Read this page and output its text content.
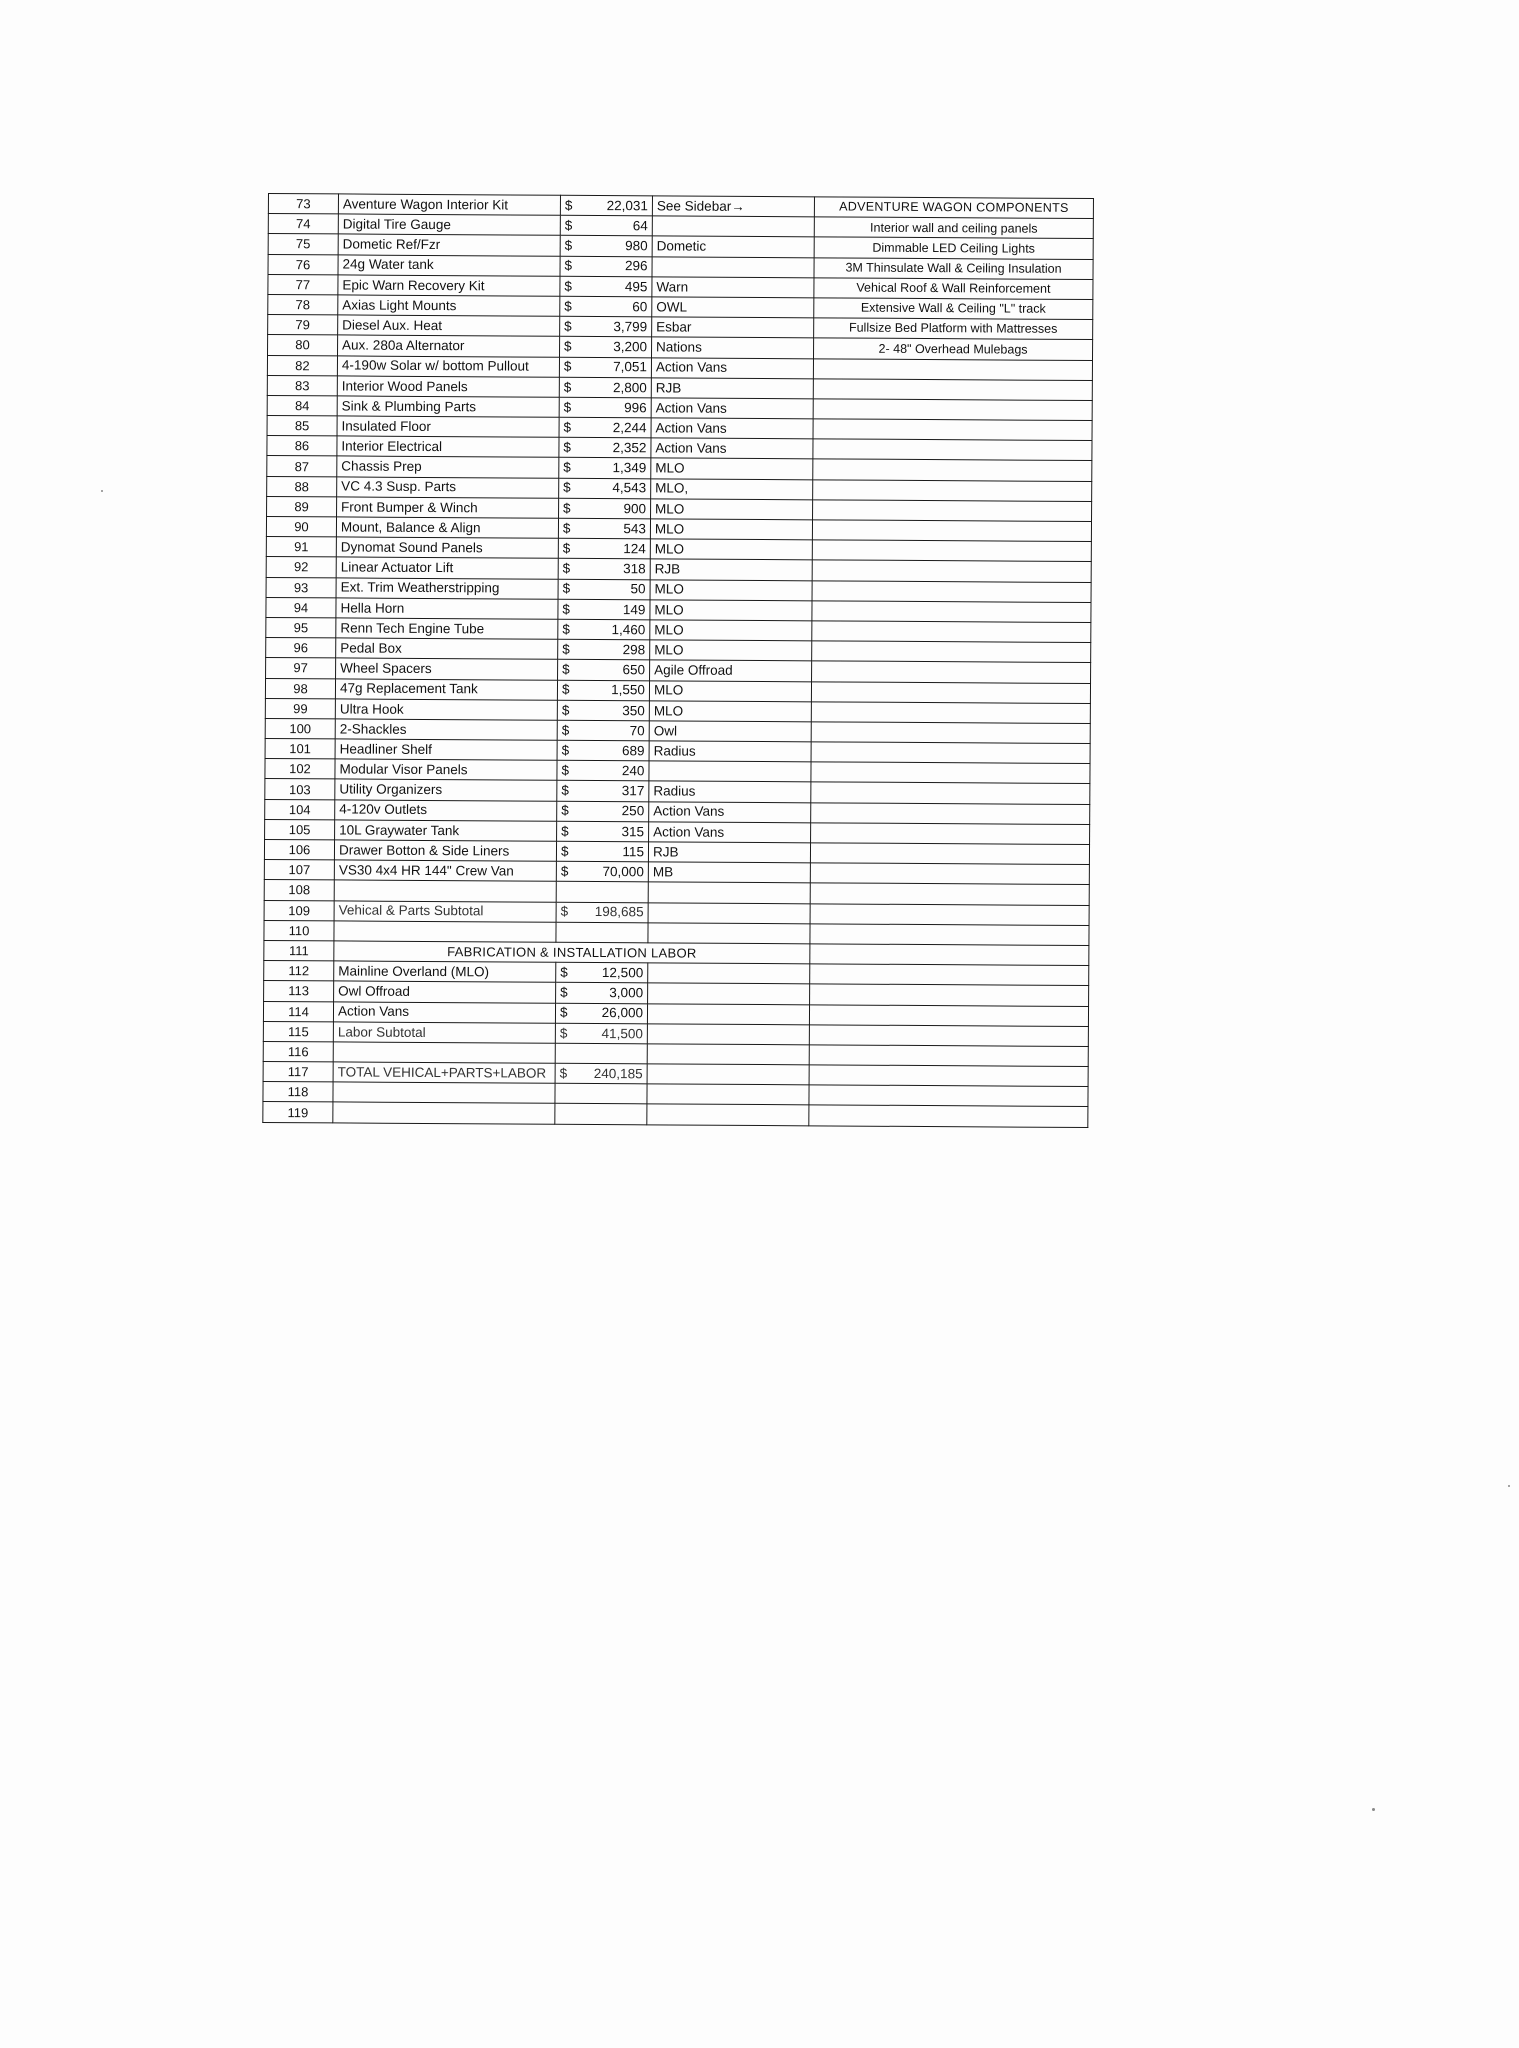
73	Aventure Wagon Interior Kit	$ 22,031	See Sidebar→	ADVENTURE WAGON COMPONENTS
74	Digital Tire Gauge	$ 64		Interior wall and ceiling panels
75	Dometic Ref/Fzr	$ 980	Dometic	Dimmable LED Ceiling Lights
76	24g Water tank	$ 296		3M Thinsulate Wall & Ceiling Insulation
77	Epic Warn Recovery Kit	$ 495	Warn	Vehical Roof & Wall Reinforcement
78	Axias Light Mounts	$ 60	OWL	Extensive Wall & Ceiling "L" track
79	Diesel Aux. Heat	$ 3,799	Esbar	Fullsize Bed Platform with Mattresses
80	Aux. 280a Alternator	$ 3,200	Nations	2- 48" Overhead Mulebags
82	4-190w Solar w/ bottom Pullout	$ 7,051	Action Vans	
83	Interior Wood Panels	$ 2,800	RJB	
84	Sink & Plumbing Parts	$ 996	Action Vans	
85	Insulated Floor	$ 2,244	Action Vans	
86	Interior Electrical	$ 2,352	Action Vans	
87	Chassis Prep	$ 1,349	MLO	
88	VC 4.3 Susp. Parts	$ 4,543	MLO,	
89	Front Bumper & Winch	$ 900	MLO	
90	Mount, Balance & Align	$ 543	MLO	
91	Dynomat Sound Panels	$ 124	MLO	
92	Linear Actuator Lift	$ 318	RJB	
93	Ext. Trim Weatherstripping	$ 50	MLO	
94	Hella Horn	$ 149	MLO	
95	Renn Tech Engine Tube	$ 1,460	MLO	
96	Pedal Box	$ 298	MLO	
97	Wheel Spacers	$ 650	Agile Offroad	
98	47g Replacement Tank	$ 1,550	MLO	
99	Ultra Hook	$ 350	MLO	
100	2-Shackles	$ 70	Owl	
101	Headliner Shelf	$ 689	Radius	
102	Modular Visor Panels	$ 240		

103	Utility Organizers	$ 317	Radius	
104	4-120v Outlets	$ 250	Action Vans	
105	10L Graywater Tank	$ 315	Action Vans	
106	Drawer Botton & Side Liners	$ 115	RJB	
107	VS30 4x4 HR 144" Crew Van	$ 70,000	MB	
108		

109	Vehical & Parts Subtotal	$ 198,685		

110		

111	FABRICATION & INSTALLATION LABOR			
112	Mainline Overland (MLO)	$ 12,500		

113	Owl Offroad	$ 3,000		

114	Action Vans	$ 26,000		

115	Labor Subtotal	$ 41,500		

116		

117	TOTAL VEHICAL+PARTS+LABOR	$ 240,185		

118		

119		
